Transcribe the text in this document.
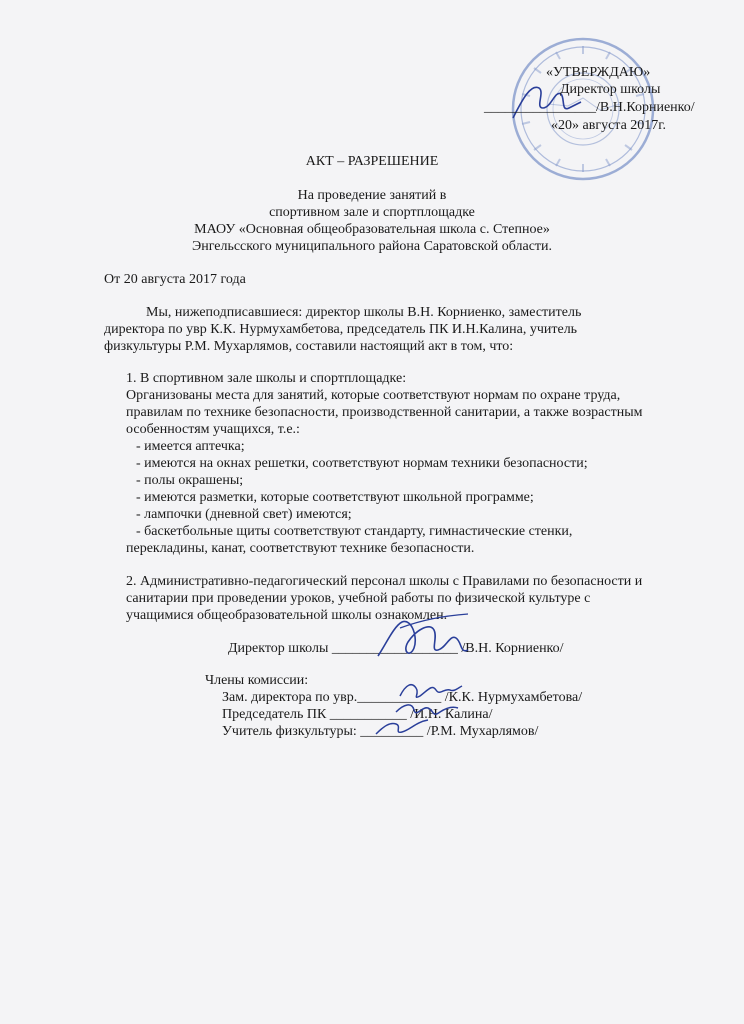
«УТВЕРЖДАЮ»
Директор школы
________________/В.Н.Корниенко/
«20» августа 2017г.
АКТ – РАЗРЕШЕНИЕ
На проведение занятий в
спортивном зале и спортплощадке
МАОУ «Основная общеобразовательная школа с. Степное»
Энгельсского муниципального района Саратовской области.
От 20 августа 2017 года
Мы, нижеподписавшиеся: директор школы В.Н. Корниенко, заместитель
директора по увр К.К. Нурмухамбетова, председатель ПК И.Н.Калина, учитель
физкультуры Р.М. Мухарлямов, составили настоящий акт в том, что:
1. В спортивном зале школы и спортплощадке:
Организованы места для занятий, которые соответствуют нормам по охране труда,
правилам по технике безопасности, производственной санитарии, а также возрастным
особенностям учащихся, т.е.:
- имеется аптечка;
- имеются на окнах решетки, соответствуют нормам техники безопасности;
- полы окрашены;
- имеются разметки, которые соответствуют школьной программе;
- лампочки (дневной свет) имеются;
- баскетбольные щиты соответствуют стандарту, гимнастические стенки,
перекладины, канат, соответствуют технике безопасности.
2. Административно-педагогический персонал школы с Правилами по безопасности и
санитарии при проведении уроков, учебной работы по физической культуре с
учащимися общеобразовательной школы ознакомлен.
Директор школы __________________ /В.Н. Корниенко/
Члены комиссии:
Зам. директора по увр.____________ /К.К. Нурмухамбетова/
Председатель ПК ___________ /И.Н. Калина/
Учитель физкультуры: _________ /Р.М. Мухарлямов/
